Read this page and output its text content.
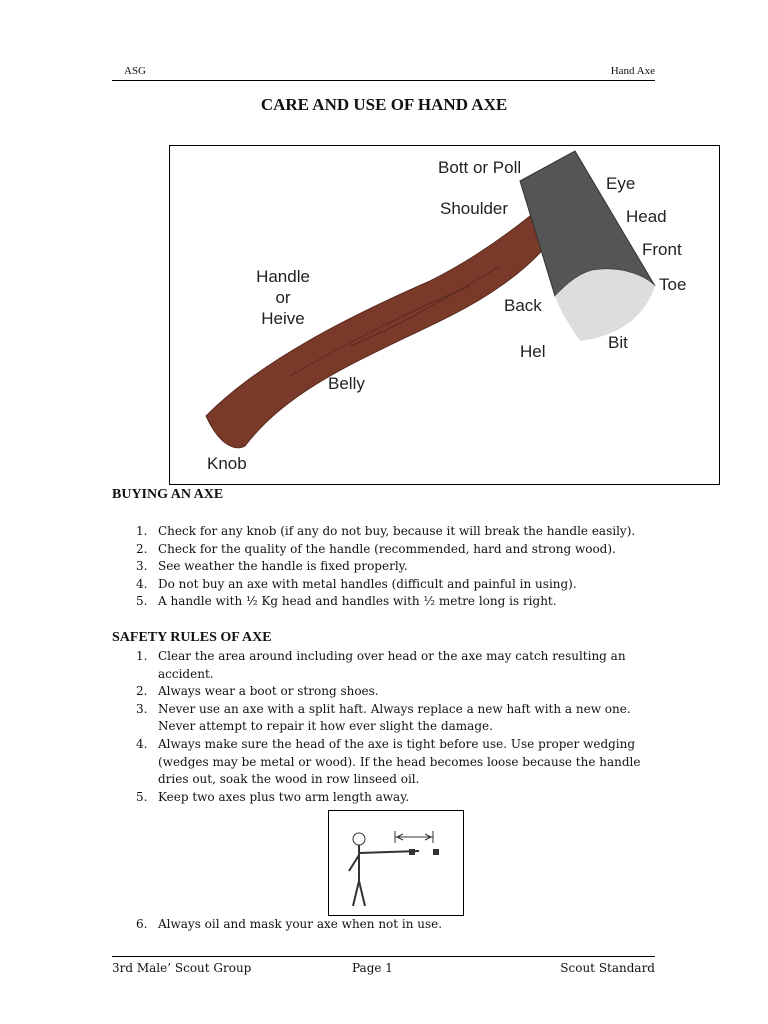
ASG	Hand Axe
CARE AND USE OF HAND AXE
Bott or Poll
Eye
Shoulder	Head
Front
Toe
Handle
or
Heive
Back
Hel	Bit
Belly
Knob
BUYING AN AXE
1. Check for any knob (if any do not buy, because it will break the handle easily).
2. Check for the quality of the handle (recommended, hard and strong wood).
3. See weather the handle is fixed properly.
4. Do not buy an axe with metal handles (difficult and painful in using).
5. A handle with ½ Kg head and handles with ½ metre long is right.
SAFETY RULES OF AXE
1. Clear the area around including over head or the axe may catch resulting an accident.
2. Always wear a boot or strong shoes.
3. Never use an axe with a split haft. Always replace a new haft with a new one. Never attempt to repair it how ever slight the damage.
4. Always make sure the head of the axe is tight before use. Use proper wedging (wedges may be metal or wood). If the head becomes loose because the handle dries out, soak the wood in row linseed oil.
5. Keep two axes plus two arm length away.
6. Always oil and mask your axe when not in use.
3rd Male’ Scout Group	Page 1	Scout Standard
